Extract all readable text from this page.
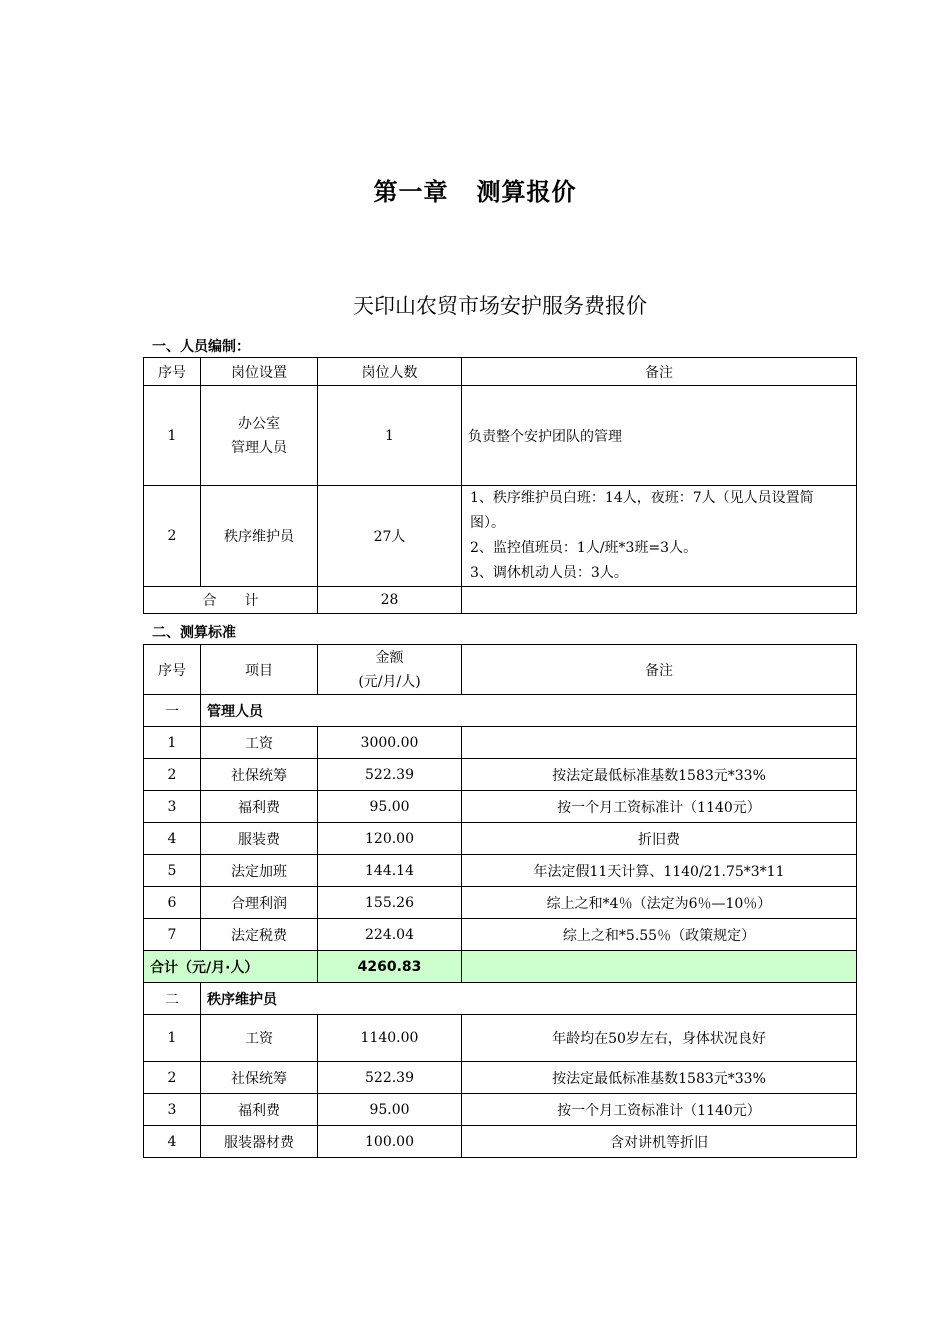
第一章 测算报价
天印山农贸市场安护服务费报价
一、人员编制：
序号	岗位设置	岗位人数	备注
1	办公室
管理人员	1	负责整个安护团队的管理
2	秩序维护员	27人	1、秩序维护员白班：14人，夜班：7人（见人员设置简图）。
2、监控值班员：1人/班*3班=3人。
3、调休机动人员：3人。

合　　计		28	
二、测算标准
序号	项目	金额
(元/月/人)	备注
一	管理人员		
1	工资	3000.00	
2	社保统筹	522.39	按法定最低标准基数1583元*33%
3	福利费	95.00	按一个月工资标准计（1140元）
4	服装费	120.00	折旧费
5	法定加班	144.14	年法定假11天计算、1140/21.75*3*11
6	合理利润	155.26	综上之和*4％（法定为6％—10％）
7	法定税费	224.04	综上之和*5.55％（政策规定）
合计（元/月·人）		4260.83	
二	秩序维护员		
1	工资	1140.00	年龄均在50岁左右，身体状况良好
2	社保统筹	522.39	按法定最低标准基数1583元*33%
3	福利费	95.00	按一个月工资标准计（1140元）
4	服装器材费	100.00	含对讲机等折旧
